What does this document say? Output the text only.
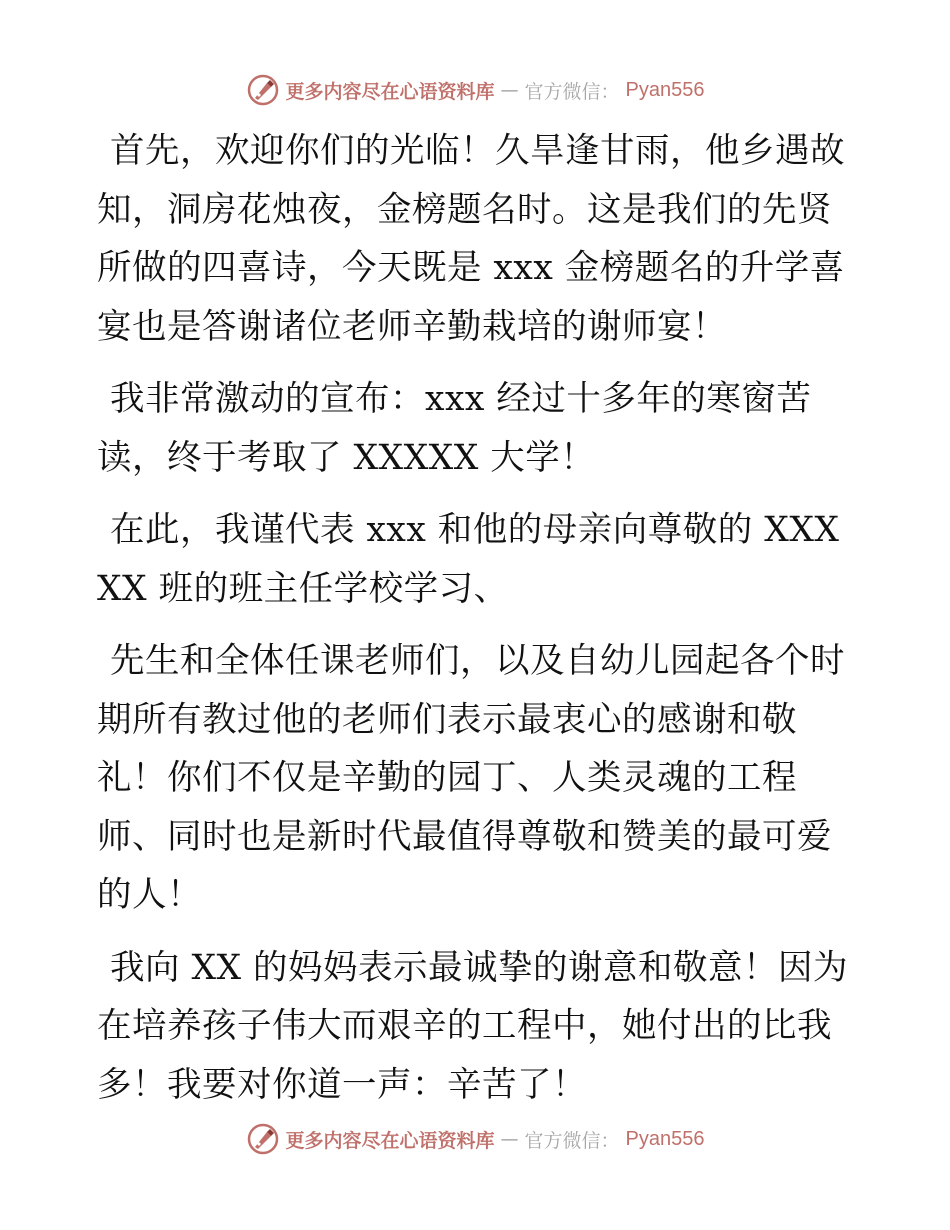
更多内容尽在心语资料库 — 官方微信： Pyan556

首先，欢迎你们的光临！久旱逢甘雨，他乡遇故知，洞房花烛夜，金榜题名时。这是我们的先贤所做的四喜诗，今天既是 xxx 金榜题名的升学喜宴也是答谢诸位老师辛勤栽培的谢师宴！

我非常激动的宣布：xxx 经过十多年的寒窗苦读，终于考取了 XXXXX 大学！

在此，我谨代表 xxx 和他的母亲向尊敬的 XXXXX 班的班主任学校学习、

先生和全体任课老师们，以及自幼儿园起各个时期所有教过他的老师们表示最衷心的感谢和敬礼！你们不仅是辛勤的园丁、人类灵魂的工程师、同时也是新时代最值得尊敬和赞美的最可爱的人！

我向 XX 的妈妈表示最诚挚的谢意和敬意！因为在培养孩子伟大而艰辛的工程中，她付出的比我多！我要对你道一声：辛苦了！

更多内容尽在心语资料库 — 官方微信： Pyan556
